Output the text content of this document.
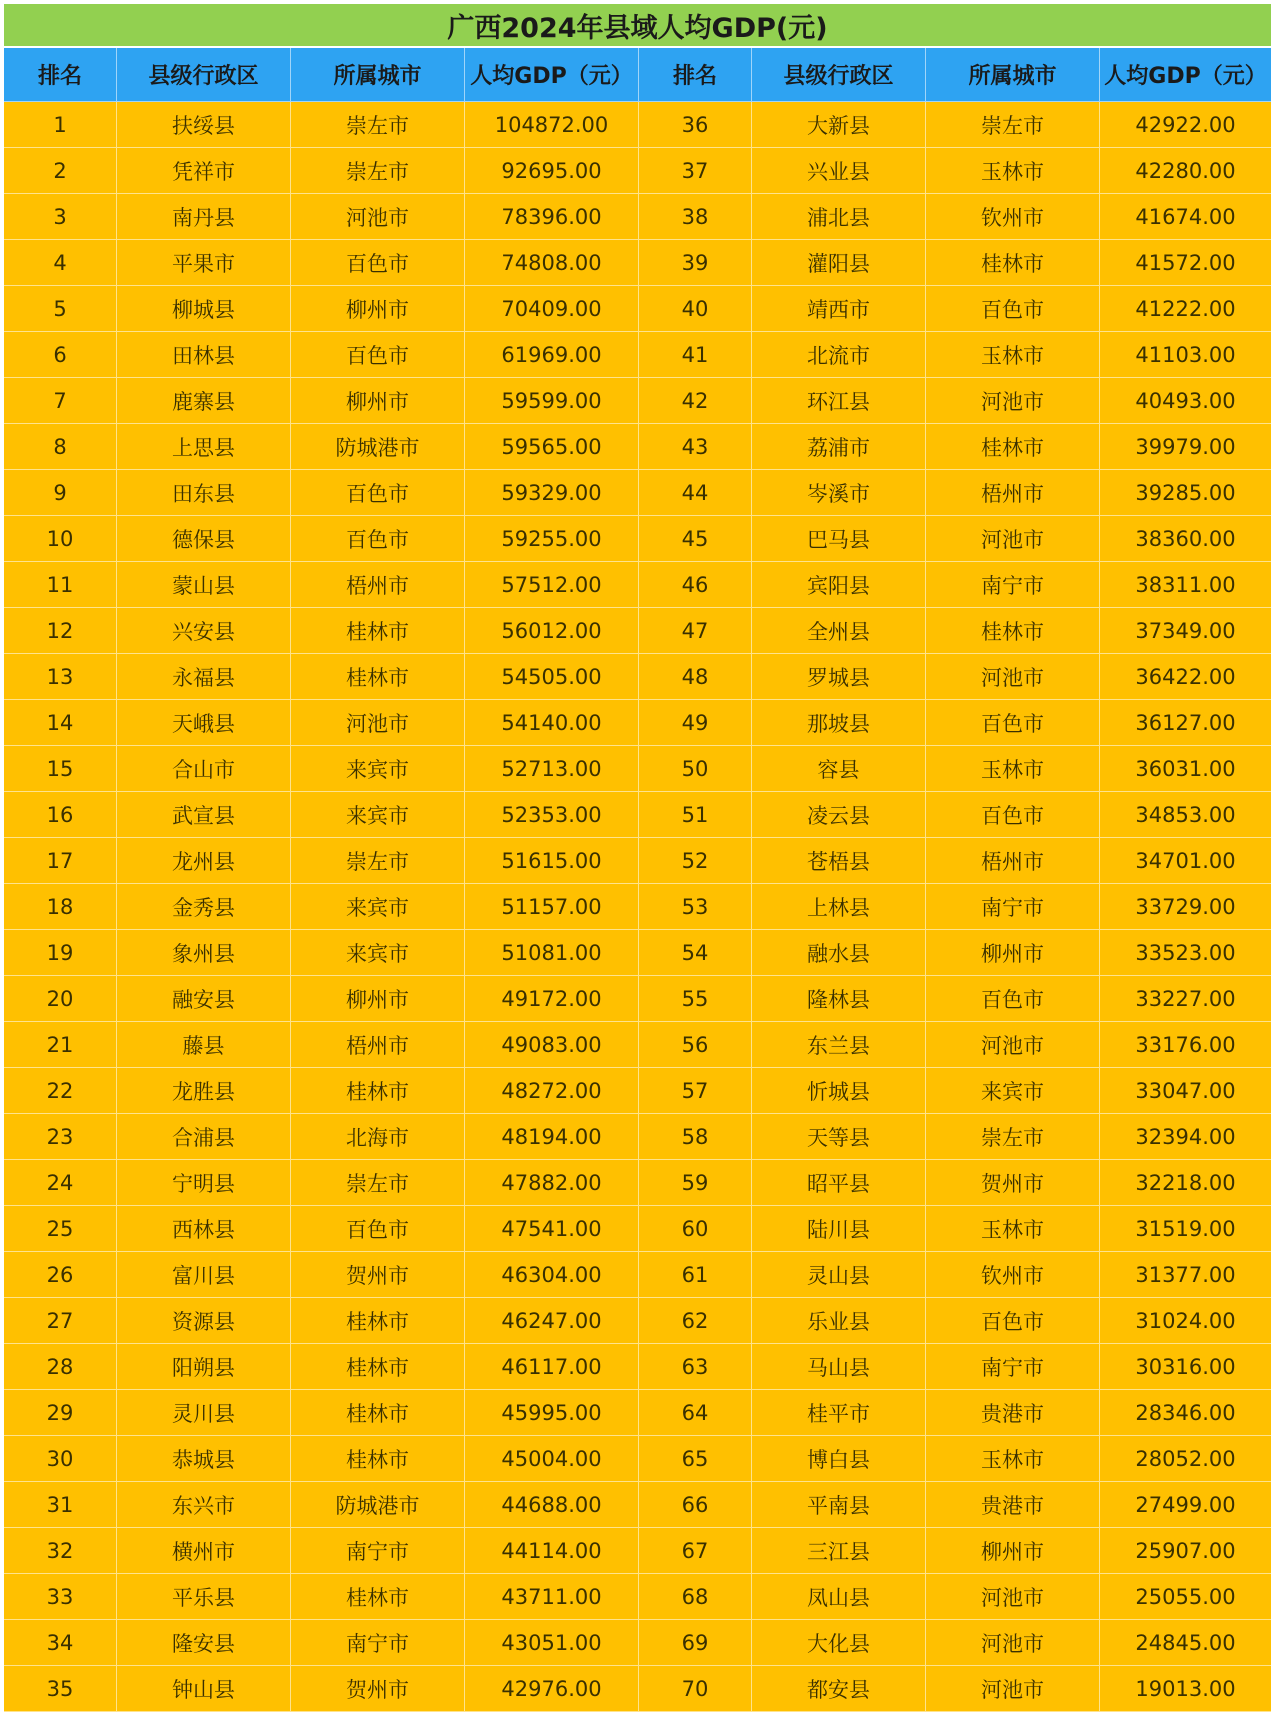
广西2024年县域人均GDP(元)
排名	县级行政区	所属城市	人均GDP（元）	排名	县级行政区	所属城市	人均GDP（元）
1	扶绥县	崇左市	104872.00	36	大新县	崇左市	42922.00
2	凭祥市	崇左市	92695.00	37	兴业县	玉林市	42280.00
3	南丹县	河池市	78396.00	38	浦北县	钦州市	41674.00
4	平果市	百色市	74808.00	39	灌阳县	桂林市	41572.00
5	柳城县	柳州市	70409.00	40	靖西市	百色市	41222.00
6	田林县	百色市	61969.00	41	北流市	玉林市	41103.00
7	鹿寨县	柳州市	59599.00	42	环江县	河池市	40493.00
8	上思县	防城港市	59565.00	43	荔浦市	桂林市	39979.00
9	田东县	百色市	59329.00	44	岑溪市	梧州市	39285.00
10	德保县	百色市	59255.00	45	巴马县	河池市	38360.00
11	蒙山县	梧州市	57512.00	46	宾阳县	南宁市	38311.00
12	兴安县	桂林市	56012.00	47	全州县	桂林市	37349.00
13	永福县	桂林市	54505.00	48	罗城县	河池市	36422.00
14	天峨县	河池市	54140.00	49	那坡县	百色市	36127.00
15	合山市	来宾市	52713.00	50	容县	玉林市	36031.00
16	武宣县	来宾市	52353.00	51	凌云县	百色市	34853.00
17	龙州县	崇左市	51615.00	52	苍梧县	梧州市	34701.00
18	金秀县	来宾市	51157.00	53	上林县	南宁市	33729.00
19	象州县	来宾市	51081.00	54	融水县	柳州市	33523.00
20	融安县	柳州市	49172.00	55	隆林县	百色市	33227.00
21	藤县	梧州市	49083.00	56	东兰县	河池市	33176.00
22	龙胜县	桂林市	48272.00	57	忻城县	来宾市	33047.00
23	合浦县	北海市	48194.00	58	天等县	崇左市	32394.00
24	宁明县	崇左市	47882.00	59	昭平县	贺州市	32218.00
25	西林县	百色市	47541.00	60	陆川县	玉林市	31519.00
26	富川县	贺州市	46304.00	61	灵山县	钦州市	31377.00
27	资源县	桂林市	46247.00	62	乐业县	百色市	31024.00
28	阳朔县	桂林市	46117.00	63	马山县	南宁市	30316.00
29	灵川县	桂林市	45995.00	64	桂平市	贵港市	28346.00
30	恭城县	桂林市	45004.00	65	博白县	玉林市	28052.00
31	东兴市	防城港市	44688.00	66	平南县	贵港市	27499.00
32	横州市	南宁市	44114.00	67	三江县	柳州市	25907.00
33	平乐县	桂林市	43711.00	68	凤山县	河池市	25055.00
34	隆安县	南宁市	43051.00	69	大化县	河池市	24845.00
35	钟山县	贺州市	42976.00	70	都安县	河池市	19013.00
